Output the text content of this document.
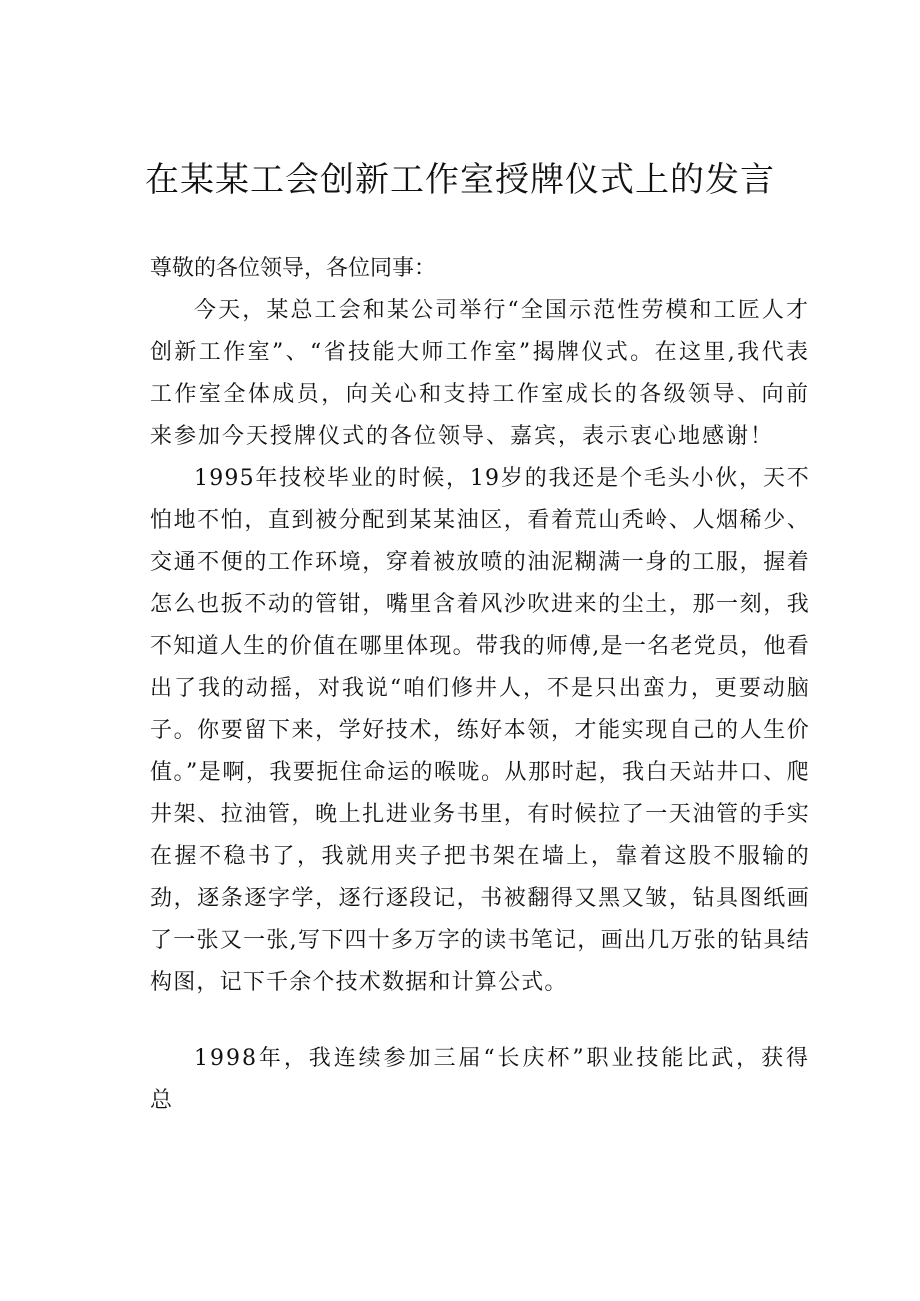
在某某工会创新工作室授牌仪式上的发言

尊敬的各位领导，各位同事：

今天，某总工会和某公司举行“全国示范性劳模和工匠人才创新工作室”、“省技能大师工作室”揭牌仪式。在这里,我代表工作室全体成员，向关心和支持工作室成长的各级领导、向前来参加今天授牌仪式的各位领导、嘉宾，表示衷心地感谢！

1995年技校毕业的时候，19岁的我还是个毛头小伙，天不怕地不怕，直到被分配到某某油区，看着荒山秃岭、人烟稀少、交通不便的工作环境，穿着被放喷的油泥糊满一身的工服，握着怎么也扳不动的管钳，嘴里含着风沙吹进来的尘土，那一刻，我不知道人生的价值在哪里体现。带我的师傅,是一名老党员，他看出了我的动摇，对我说“咱们修井人，不是只出蛮力，更要动脑子。你要留下来，学好技术，练好本领，才能实现自己的人生价值。”是啊，我要扼住命运的喉咙。从那时起，我白天站井口、爬井架、拉油管，晚上扎进业务书里，有时候拉了一天油管的手实在握不稳书了，我就用夹子把书架在墙上，靠着这股不服输的劲，逐条逐字学，逐行逐段记，书被翻得又黑又皱，钻具图纸画了一张又一张,写下四十多万字的读书笔记，画出几万张的钻具结构图，记下千余个技术数据和计算公式。

1998年，我连续参加三届“长庆杯”职业技能比武，获得总
